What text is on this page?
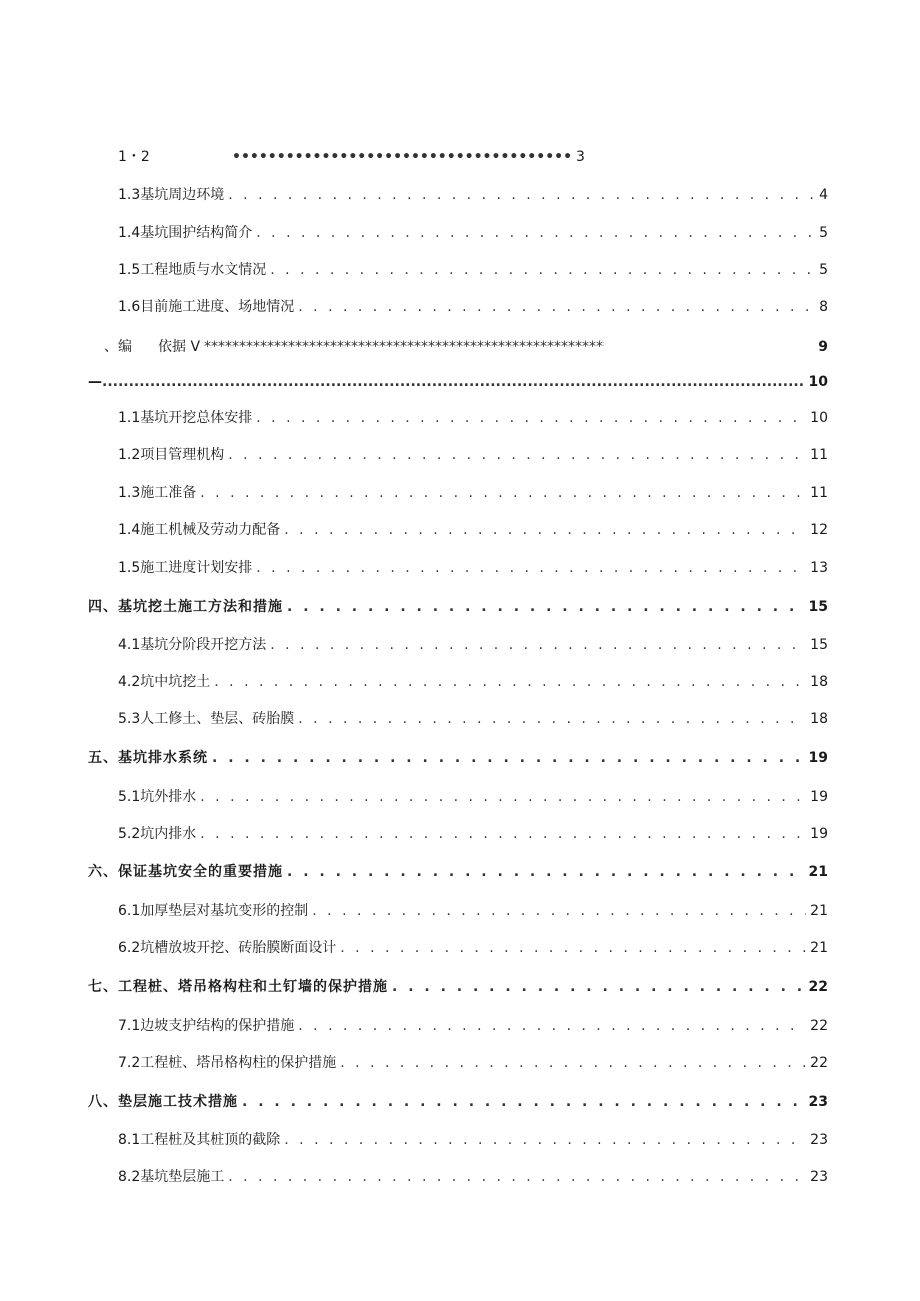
1・2 •••••	3
1.3 基坑周边环境 . . .	4
1.4 基坑围护结构简介 . . .	5
1.5 工程地质与水文情况 . . .	5
1.6 目前施工进度、场地情况 . . .	8
、编	依据 V *****	9
— .....	10
1.1 基坑开挖总体安排 . . .	10
1.2 项目管理机构 . . .	11
1.3 施工准备 . . .	11
1.4 施工机械及劳动力配备 . . .	12
1.5 施工进度计划安排 . . .	13
四、基坑挖土施工方法和措施 . . .	15
4. 1基坑分阶段开挖方法 . . .	15
4 .2坑中坑挖土 . . .	18
5 .3人工修土、垫层、砖胎膜 . . .	18
五、基坑排水系统 . . .	19
5. 1坑外排水 . . .	19
5.2 坑内排水 . . .	19
六、保证基坑安全的重要措施 . . .	21
6. 1加厚垫层对基坑变形的控制 . . .	21
6.2 坑槽放坡开挖、砖胎膜断面设计 . . .	21
七、工程桩、塔吊格构柱和土钉墙的保护措施 . . .	22
7. 1边坡支护结构的保护措施 . . .	22
7.2 工程桩、塔吊格构柱的保护措施 . . .	22
八、垫层施工技术措施 . . .	23
8.1 工程桩及其桩顶的截除 . . .	23
8.2 基坑垫层施工 . . .	23
